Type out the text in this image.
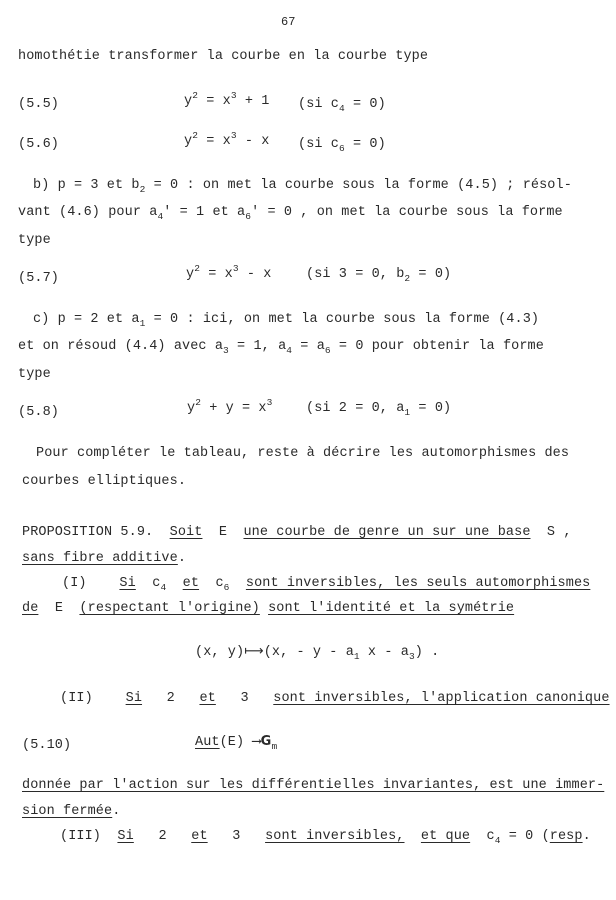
67
homothétie transformer la courbe en la courbe type
(5.5)	$y^2 = x^3 + 1$ (si $c_4 = 0$)
(5.6)	$y^2 = x^3 - x$ (si $c_6 = 0$)
b) p = 3 et $b_2 = 0$ : on met la courbe sous la forme (4.5) ; résol-
vant (4.6) pour $a_4' = 1$ et $a_6' = 0$ , on met la courbe sous la forme
type
(5.7)	$y^2 = x^3 - x$	(si 3 = 0, $b_2 = 0$)
c) p = 2 et $a_1 = 0$ : ici, on met la courbe sous la forme (4.3)
et on résoud (4.4) avec $a_3 = 1$, $a_4 = a_6 = 0$ pour obtenir la forme
type
(5.8)	$y^2 + y = x^3$ (si 2 = 0, $a_1 = 0$)
Pour compléter le tableau, reste à décrire les automorphismes des
courbes elliptiques.
PROPOSITION 5.9. Soit E une courbe de genre un sur une base S ,
sans fibre additive.
(I) Si $c_4$ et $c_6$ sont inversibles, les seuls automorphismes
de E (respectant l'origine) sont l'identité et la symétrie
(x, y)⟼(x, - y - $a_1$ x - $a_3$) .
(II) Si 2 et 3 sont inversibles, l'application canonique
(5.10)	Aut(E) $⟶G_m$
donnée par l'action sur les différentielles invariantes, est une immer-
sion fermée.
(III) Si 2 et 3 sont inversibles, et que $c_4 = 0$ (resp.
